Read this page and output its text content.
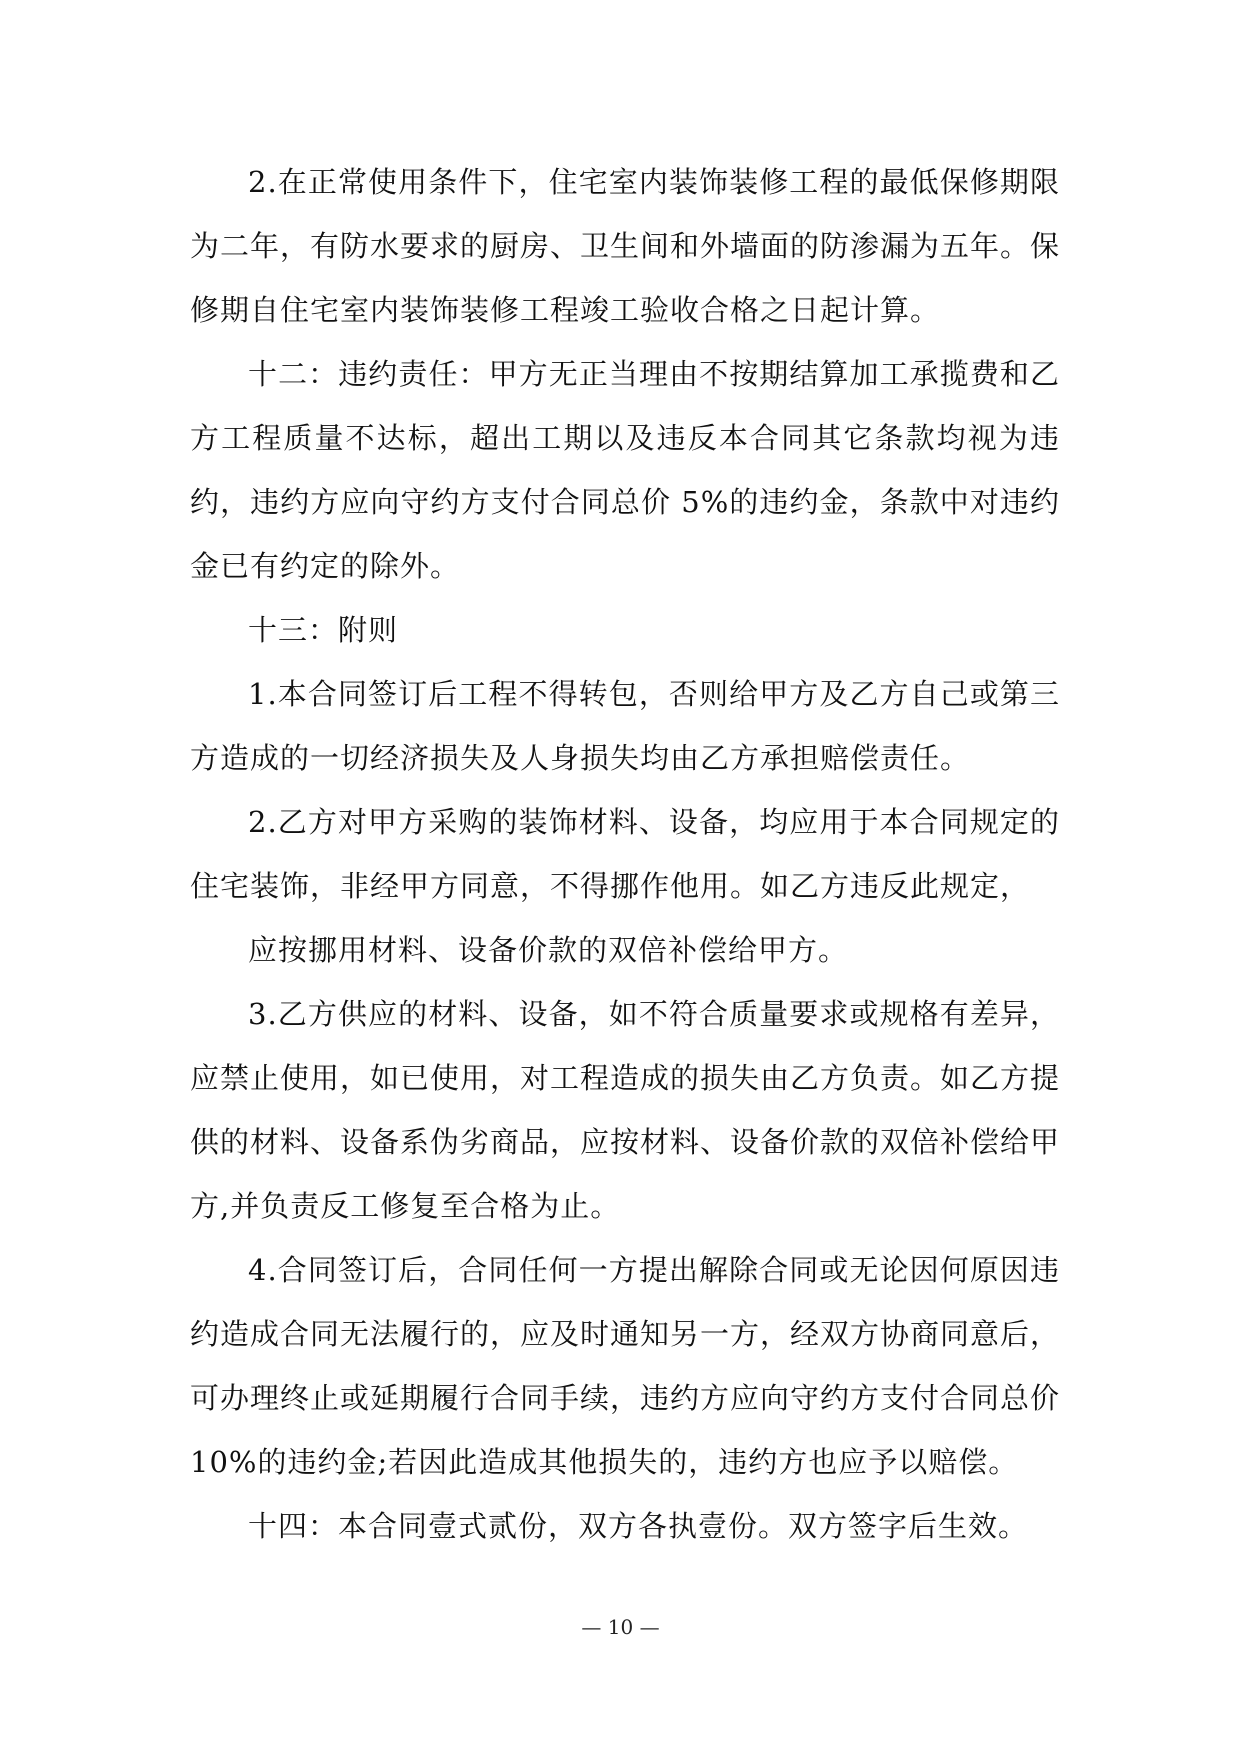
2.在正常使用条件下，住宅室内装饰装修工程的最低保修期限为二年，有防水要求的厨房、卫生间和外墙面的防渗漏为五年。保修期自住宅室内装饰装修工程竣工验收合格之日起计算。

十二：违约责任：甲方无正当理由不按期结算加工承揽费和乙方工程质量不达标，超出工期以及违反本合同其它条款均视为违约，违约方应向守约方支付合同总价 5%的违约金，条款中对违约金已有约定的除外。

十三：附则

1.本合同签订后工程不得转包，否则给甲方及乙方自己或第三方造成的一切经济损失及人身损失均由乙方承担赔偿责任。

2.乙方对甲方采购的装饰材料、设备，均应用于本合同规定的住宅装饰，非经甲方同意，不得挪作他用。如乙方违反此规定，

应按挪用材料、设备价款的双倍补偿给甲方。

3.乙方供应的材料、设备，如不符合质量要求或规格有差异，应禁止使用，如已使用，对工程造成的损失由乙方负责。如乙方提供的材料、设备系伪劣商品，应按材料、设备价款的双倍补偿给甲方,并负责反工修复至合格为止。

4.合同签订后，合同任何一方提出解除合同或无论因何原因违约造成合同无法履行的，应及时通知另一方，经双方协商同意后，可办理终止或延期履行合同手续，违约方应向守约方支付合同总价 10%的违约金;若因此造成其他损失的，违约方也应予以赔偿。

十四：本合同壹式贰份，双方各执壹份。双方签字后生效。

— 10 —
